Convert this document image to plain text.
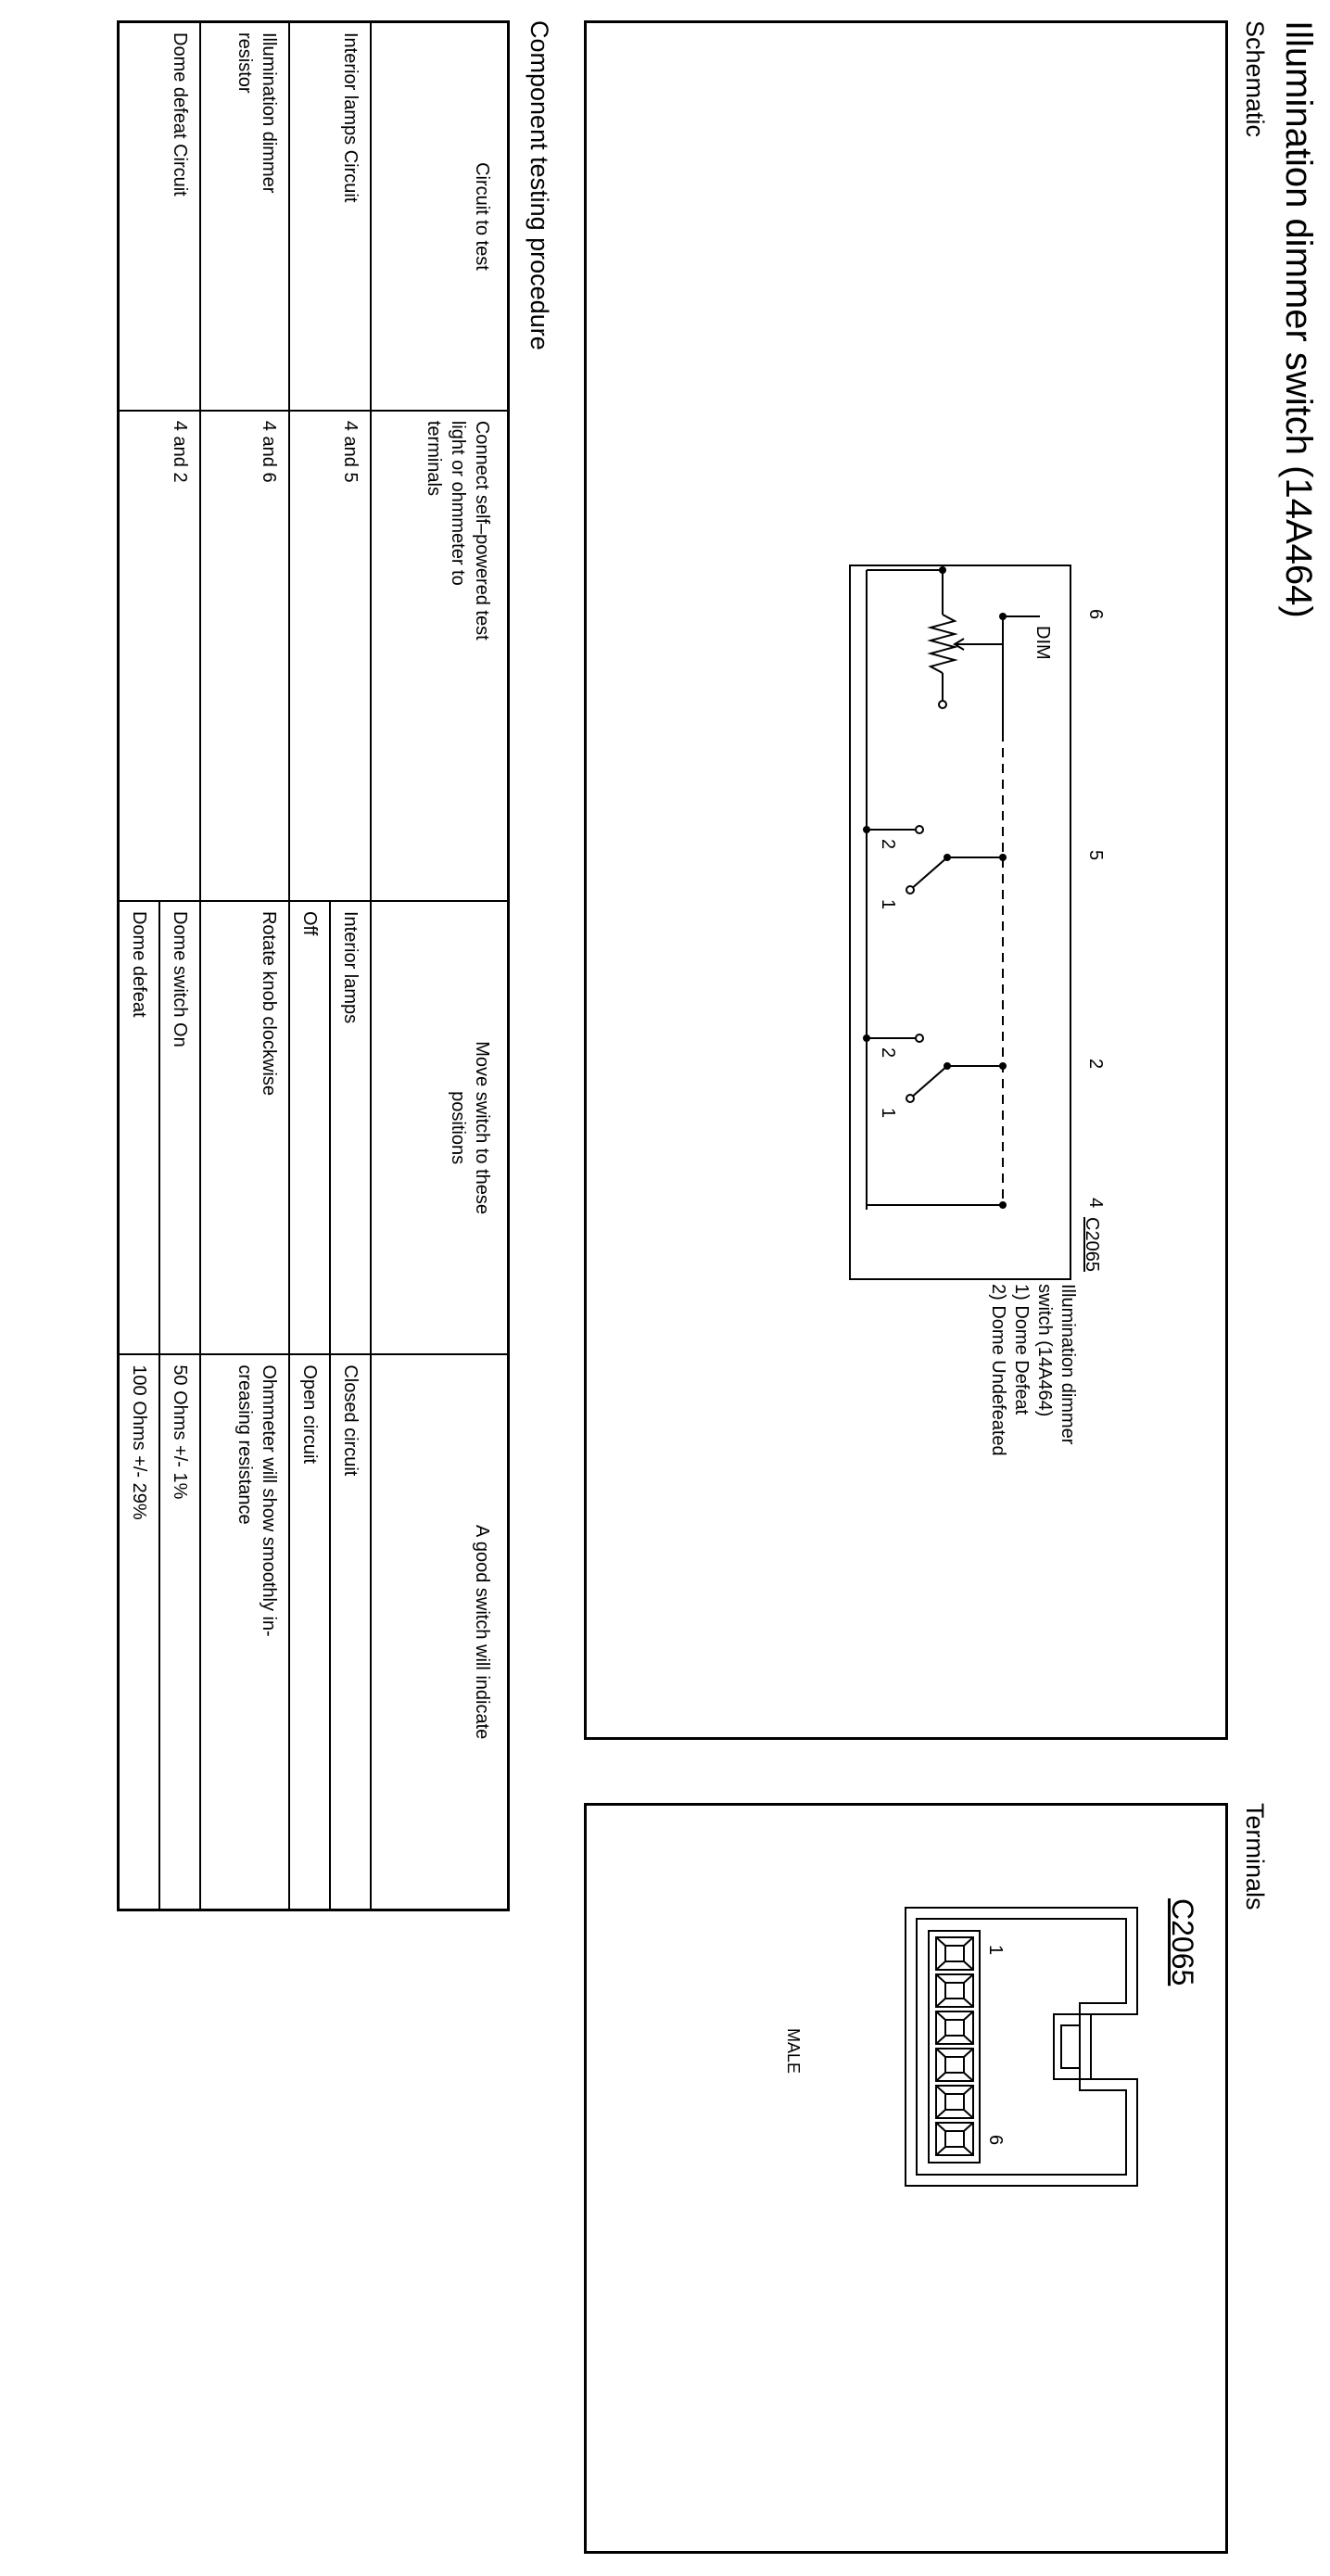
Illumination dimmer switch (14A464)
Schematic
6
5
2
4
DIM
2
1
2
1
C2065
Illumination dimmer
switch (14A464)
1) Dome Defeat
2) Dome Undefeated
Terminals
C2065
1
6
MALE
Component testing procedure
Circuit to test	Connect self–powered test light or ohmmeter to terminals	Move switch to these positions	A good switch will indicate
Interior lamps Circuit	4 and 5	Interior lamps	Closed circuit
		Off	Open circuit

Illumination dimmer resistor	4 and 6	Rotate knob clockwise	Ohmmeter will show smoothly in-creasing resistance

Dome defeat Circuit	4 and 2	Dome switch On	50 Ohms +/- 1%
		Dome defeat	100 Ohms +/- 29%
